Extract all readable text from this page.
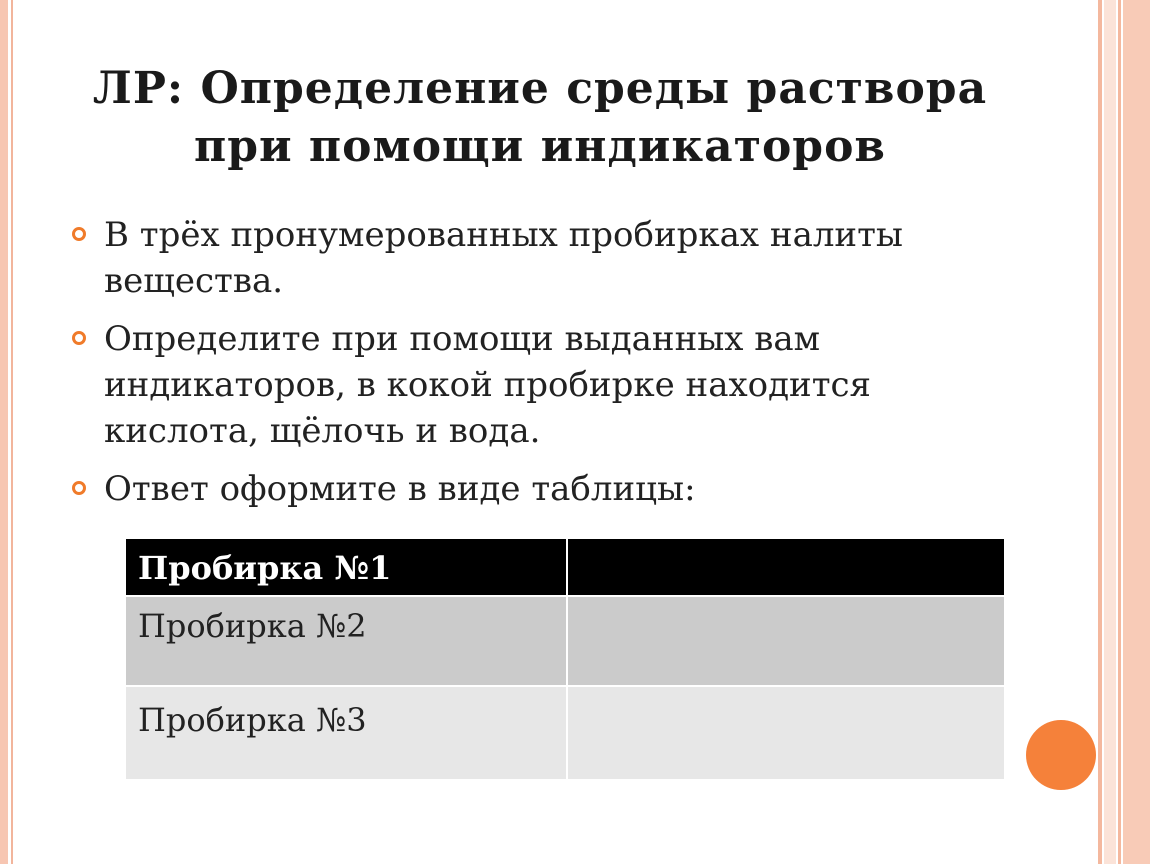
ЛР: Определение среды раствора
при помощи индикаторов
В трёх пронумерованных пробирках налиты вещества.
Определите при помощи выданных вам индикаторов, в кокой пробирке находится кислота, щёлочь и вода.
Ответ оформите в виде таблицы:
Пробирка №1	
Пробирка №2	
Пробирка №3	
